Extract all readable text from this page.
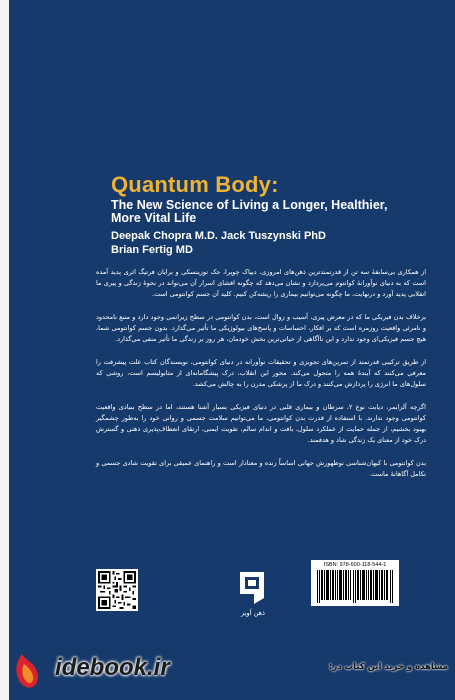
Quantum Body:
The New Science of Living a Longer, Healthier, More Vital Life
Deepak Chopra M.D. Jack Tuszynski PhD
Brian Fertig MD

از همکاری بی‌سابقهٔ سه تن از قدرتمندترین ذهن‌های امروزی، دیپاک چوپرا، جک توزینسکی و برایان فرتیگ اثری پدید آمده است که به دنیای نوآورانهٔ کوانتوم می‌پردازد و نشان می‌دهد که چگونه افشای اسرار آن می‌تواند در نحوهٔ زندگی و پیری ما انقلابی پدید آورد و درنهایت، ما چگونه می‌توانیم بیماری را ریشه‌کن کنیم. کلید آن جسم کوانتومی است.

برخلاف بدن فیزیکی ما که در معرض پیری، آسیب و زوال است، بدن کوانتومی در سطح زیراتمی وجود دارد و منبع نامحدود و نامرئی واقعیت روزمره است که بر افکار، احساسات و پاسخ‌های بیولوژیکی ما تأثیر می‌گذارد. بدون جسم کوانتومی شما، هیچ جسم فیزیکی‌ای وجود ندارد و این ناآگاهی از حیاتی‌ترین بخش خودمان، هر روز بر زندگی ما تأثیر منفی می‌گذارد.

از طریق ترکیبی قدرتمند از تمرین‌های تجویزی و تحقیقات نوآورانه در دنیای کوانتومی، نویسندگان کتاب علت پیشرفت را معرفی می‌کنند که آیندهٔ همه را متحول می‌کند. محور این انقلاب، درک پیشگامانه‌ای از متابولیسم است، روشی که سلول‌های ما انرژی را پردازش می‌کنند و درک ما از پزشکی مدرن را به چالش می‌کشد.

اگرچه آلزایمر، دیابت نوع ۲، سرطان و بیماری قلبی در دنیای فیزیکی بسیار آشنا هستند، اما در سطح بنیادی واقعیت کوانتومی وجود ندارند. با استفاده از قدرت بدن کوانتومی، ما می‌توانیم سلامت جسمی و روانی خود را به‌طور چشمگیر بهبود بخشیم، از جمله حمایت از عملکرد سلول، بافت و اندام سالم، تقویت ایمنی، ارتقای انعطاف‌پذیری ذهنی و گسترش درک خود از معنای یک زندگی شاد و هدفمند.

بدن کوانتومی با کیهان‌شناسی نوظهورش جهانی اساساً زنده و معنادار است و راهنمای عمیقی برای تقویت شادی جسمی و تکامل آگاهانهٔ ماست.

ذهن آویز
ISBN: 978-600-118-544-1
idebook.ir	مشاهده و خرید این کتاب در:
